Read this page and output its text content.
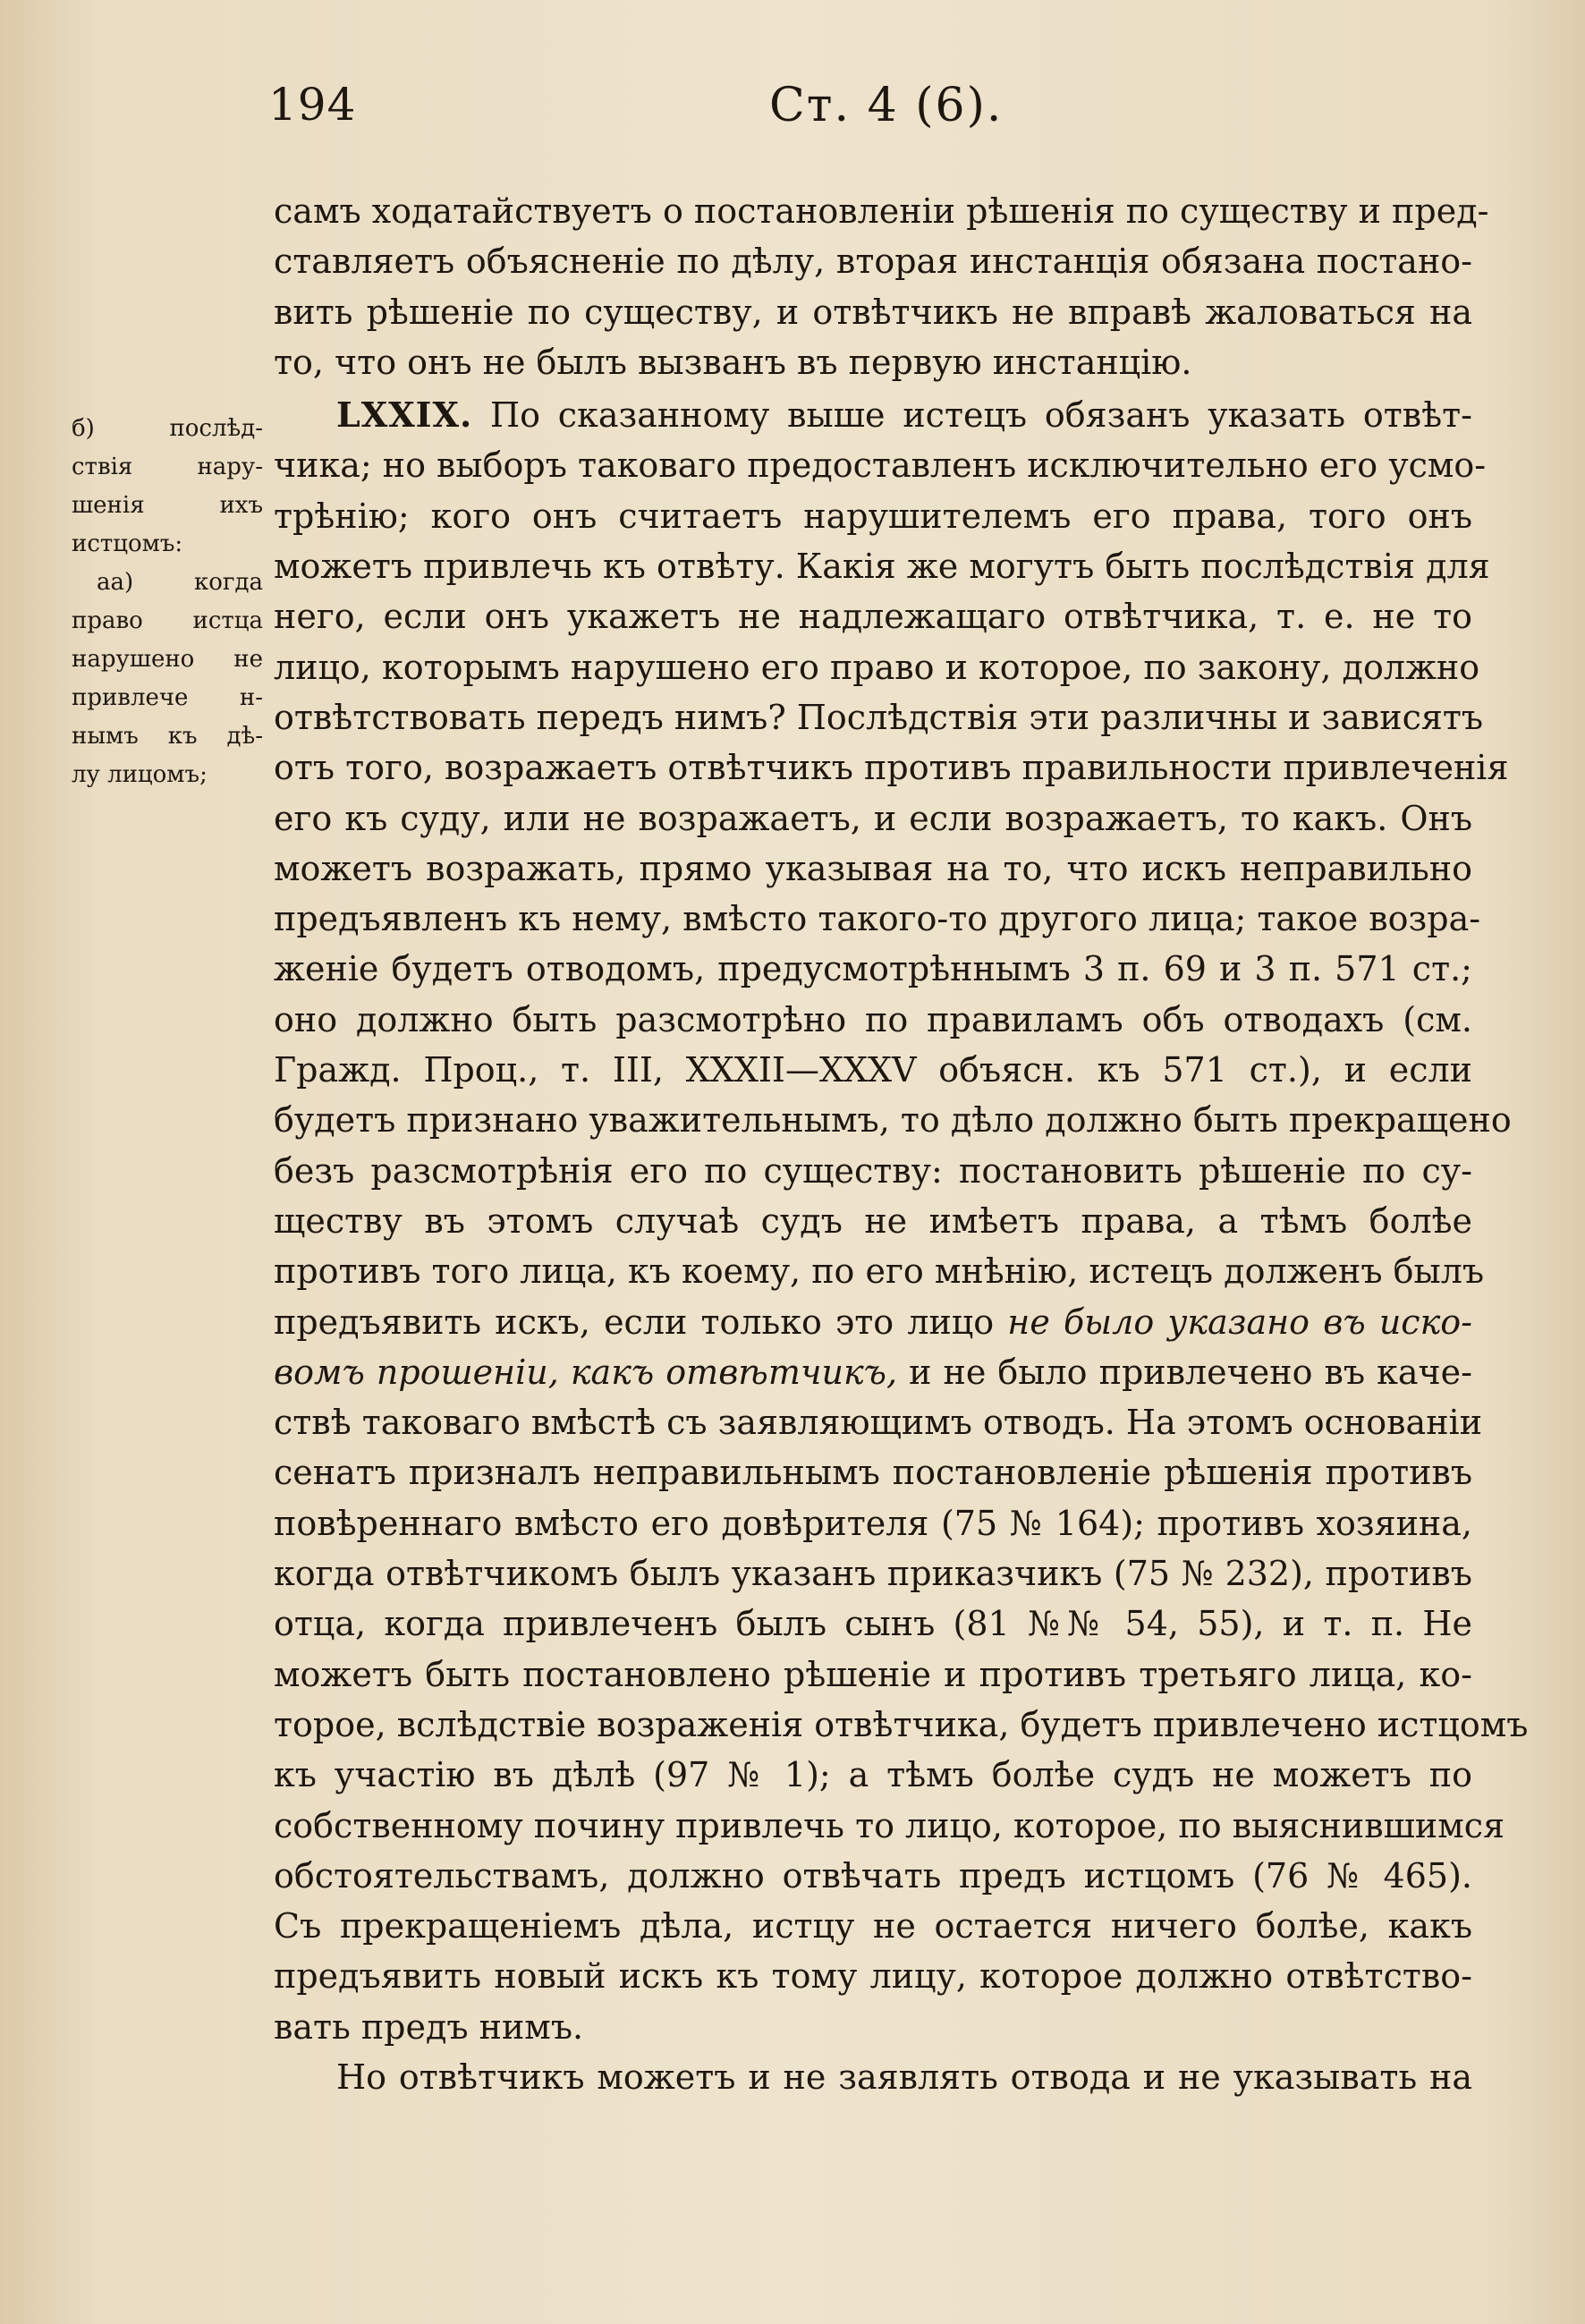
194	Ст. 4 (6).
б) послѣд-
ствія нару-
шенія ихъ
истцомъ:
аа) когда
право истца
нарушено не
привлече н-
нымъ къ дѣ-
лу лицомъ;
самъ ходатайствуетъ о постановленіи рѣшенія по существу и пред-
ставляетъ объясненіе по дѣлу, вторая инстанція обязана постано-
вить рѣшеніе по существу, и отвѣтчикъ не вправѣ жаловаться на
то, что онъ не былъ вызванъ въ первую инстанцію.
LXXIX. По сказанному выше истецъ обязанъ указать отвѣт-
чика; но выборъ таковаго предоставленъ исключительно его усмо-
трѣнію; кого онъ считаетъ нарушителемъ его права, того онъ
можетъ привлечь къ отвѣту. Какія же могутъ быть послѣдствія для
него, если онъ укажетъ не надлежащаго отвѣтчика, т. е. не то
лицо, которымъ нарушено его право и которое, по закону, должно
отвѣтствовать передъ нимъ? Послѣдствія эти различны и зависятъ
отъ того, возражаетъ отвѣтчикъ противъ правильности привлеченія
его къ суду, или не возражаетъ, и если возражаетъ, то какъ. Онъ
можетъ возражать, прямо указывая на то, что искъ неправильно
предъявленъ къ нему, вмѣсто такого-то другого лица; такое возра-
женіе будетъ отводомъ, предусмотрѣннымъ 3 п. 69 и 3 п. 571 ст.;
оно должно быть разсмотрѣно по правиламъ объ отводахъ (см.
Гражд. Проц., т. III, XXXII—XXXV объясн. къ 571 ст.), и если
будетъ признано уважительнымъ, то дѣло должно быть прекращено
безъ разсмотрѣнія его по существу: постановить рѣшеніе по су-
ществу въ этомъ случаѣ судъ не имѣетъ права, а тѣмъ болѣе
противъ того лица, къ коему, по его мнѣнію, истецъ долженъ былъ
предъявить искъ, если только это лицо не было указано въ иско-
вомъ прошеніи, какъ отвѣтчикъ, и не было привлечено въ каче-
ствѣ таковаго вмѣстѣ съ заявляющимъ отводъ. На этомъ основаніи
сенатъ призналъ неправильнымъ постановленіе рѣшенія противъ
повѣреннаго вмѣсто его довѣрителя (75 № 164); противъ хозяина,
когда отвѣтчикомъ былъ указанъ приказчикъ (75 № 232), противъ
отца, когда привлеченъ былъ сынъ (81 №№ 54, 55), и т. п. Не
можетъ быть постановлено рѣшеніе и противъ третьяго лица, ко-
торое, вслѣдствіе возраженія отвѣтчика, будетъ привлечено истцомъ
къ участію въ дѣлѣ (97 № 1); а тѣмъ болѣе судъ не можетъ по
собственному почину привлечь то лицо, которое, по выяснившимся
обстоятельствамъ, должно отвѣчать предъ истцомъ (76 № 465).
Съ прекращеніемъ дѣла, истцу не остается ничего болѣе, какъ
предъявить новый искъ къ тому лицу, которое должно отвѣтство-
вать предъ нимъ.
Но отвѣтчикъ можетъ и не заявлять отвода и не указывать на
